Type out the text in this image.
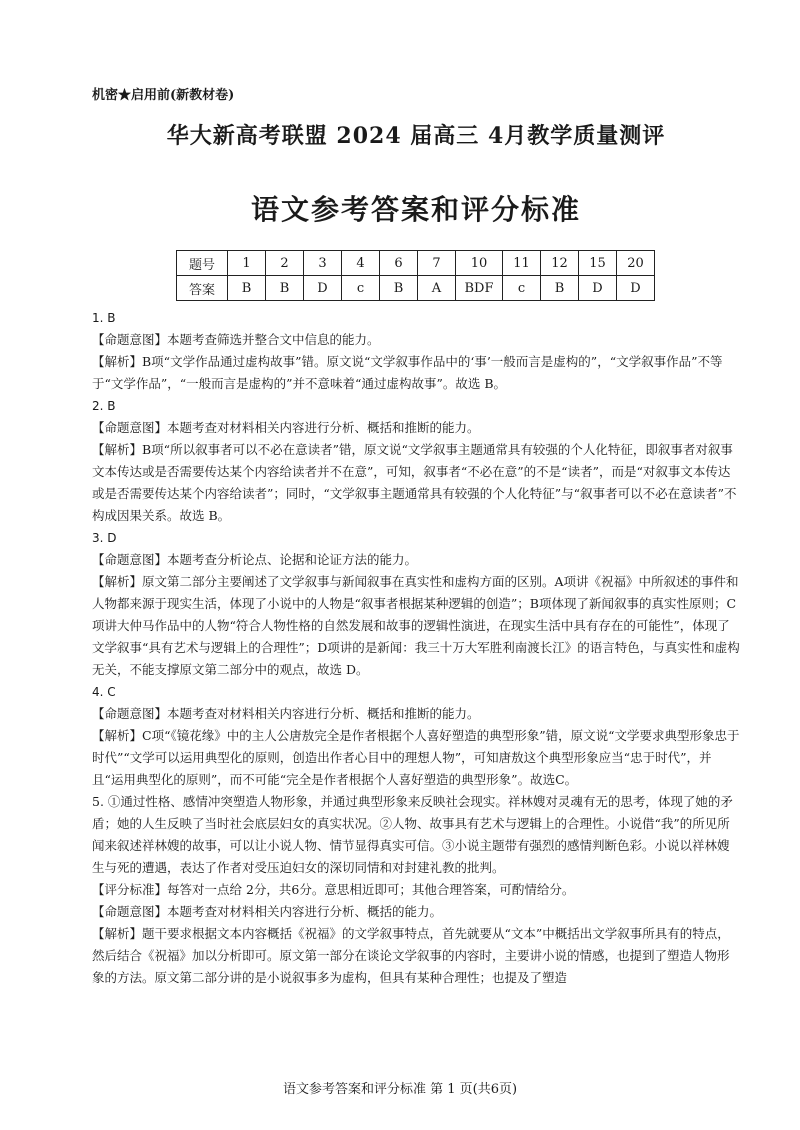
机密★启用前(新教材卷)
华大新高考联盟 2024 届高三 4月教学质量测评
语文参考答案和评分标准
题号	1	2	3	4	6	7	10	11	12	15	20
答案	B	B	D	c	B	A	BDF	c	B	D	D

1. B

【命题意图】本题考查筛选并整合文中信息的能力。

【解析】B项“文学作品通过虚构故事”错。原文说“文学叙事作品中的‘事’一般而言是虚构的”，“文学叙事作品”不等于“文学作品”，“一般而言是虚构的”并不意味着“通过虚构故事”。故选 B。

2. B

【命题意图】本题考查对材料相关内容进行分析、概括和推断的能力。

【解析】B项“所以叙事者可以不必在意读者”错，原文说“文学叙事主题通常具有较强的个人化特征，即叙事者对叙事文本传达或是否需要传达某个内容给读者并不在意”，可知，叙事者“不必在意”的不是“读者”，而是“对叙事文本传达或是否需要传达某个内容给读者”；同时，“文学叙事主题通常具有较强的个人化特征”与“叙事者可以不必在意读者”不构成因果关系。故选 B。

3. D

【命题意图】本题考查分析论点、论据和论证方法的能力。

【解析】原文第二部分主要阐述了文学叙事与新闻叙事在真实性和虚构方面的区别。A项讲《祝福》中所叙述的事件和人物都来源于现实生活，体现了小说中的人物是“叙事者根据某种逻辑的创造”；B项体现了新闻叙事的真实性原则；C项讲大仲马作品中的人物“符合人物性格的自然发展和故事的逻辑性演进，在现实生活中具有存在的可能性”，体现了文学叙事“具有艺术与逻辑上的合理性”；D项讲的是新闻：我三十万大军胜利南渡长江》的语言特色，与真实性和虚构无关，不能支撑原文第二部分中的观点，故选 D。

4. C

【命题意图】本题考查对材料相关内容进行分析、概括和推断的能力。

【解析】C项“《镜花缘》中的主人公唐敖完全是作者根据个人喜好塑造的典型形象”错，原文说“文学要求典型形象忠于时代”“文学可以运用典型化的原则，创造出作者心目中的理想人物”，可知唐敖这个典型形象应当“忠于时代”，并且“运用典型化的原则”，而不可能“完全是作者根据个人喜好塑造的典型形象”。故选C。

5. ①通过性格、感情冲突塑造人物形象，并通过典型形象来反映社会现实。祥林嫂对灵魂有无的思考，体现了她的矛盾；她的人生反映了当时社会底层妇女的真实状况。②人物、故事具有艺术与逻辑上的合理性。小说借“我”的所见所闻来叙述祥林嫂的故事，可以让小说人物、情节显得真实可信。③小说主题带有强烈的感情判断色彩。小说以祥林嫂生与死的遭遇，表达了作者对受压迫妇女的深切同情和对封建礼教的批判。

【评分标准】每答对一点给 2分，共6分。意思相近即可；其他合理答案，可酌情给分。

【命题意图】本题考查对材料相关内容进行分析、概括的能力。

【解析】题干要求根据文本内容概括《祝福》的文学叙事特点，首先就要从“文本”中概括出文学叙事所具有的特点，然后结合《祝福》加以分析即可。原文第一部分在谈论文学叙事的内容时，主要讲小说的情感，也提到了塑造人物形象的方法。原文第二部分讲的是小说叙事多为虚构，但具有某种合理性；也提及了塑造

语文参考答案和评分标准 第 1 页(共6页)
